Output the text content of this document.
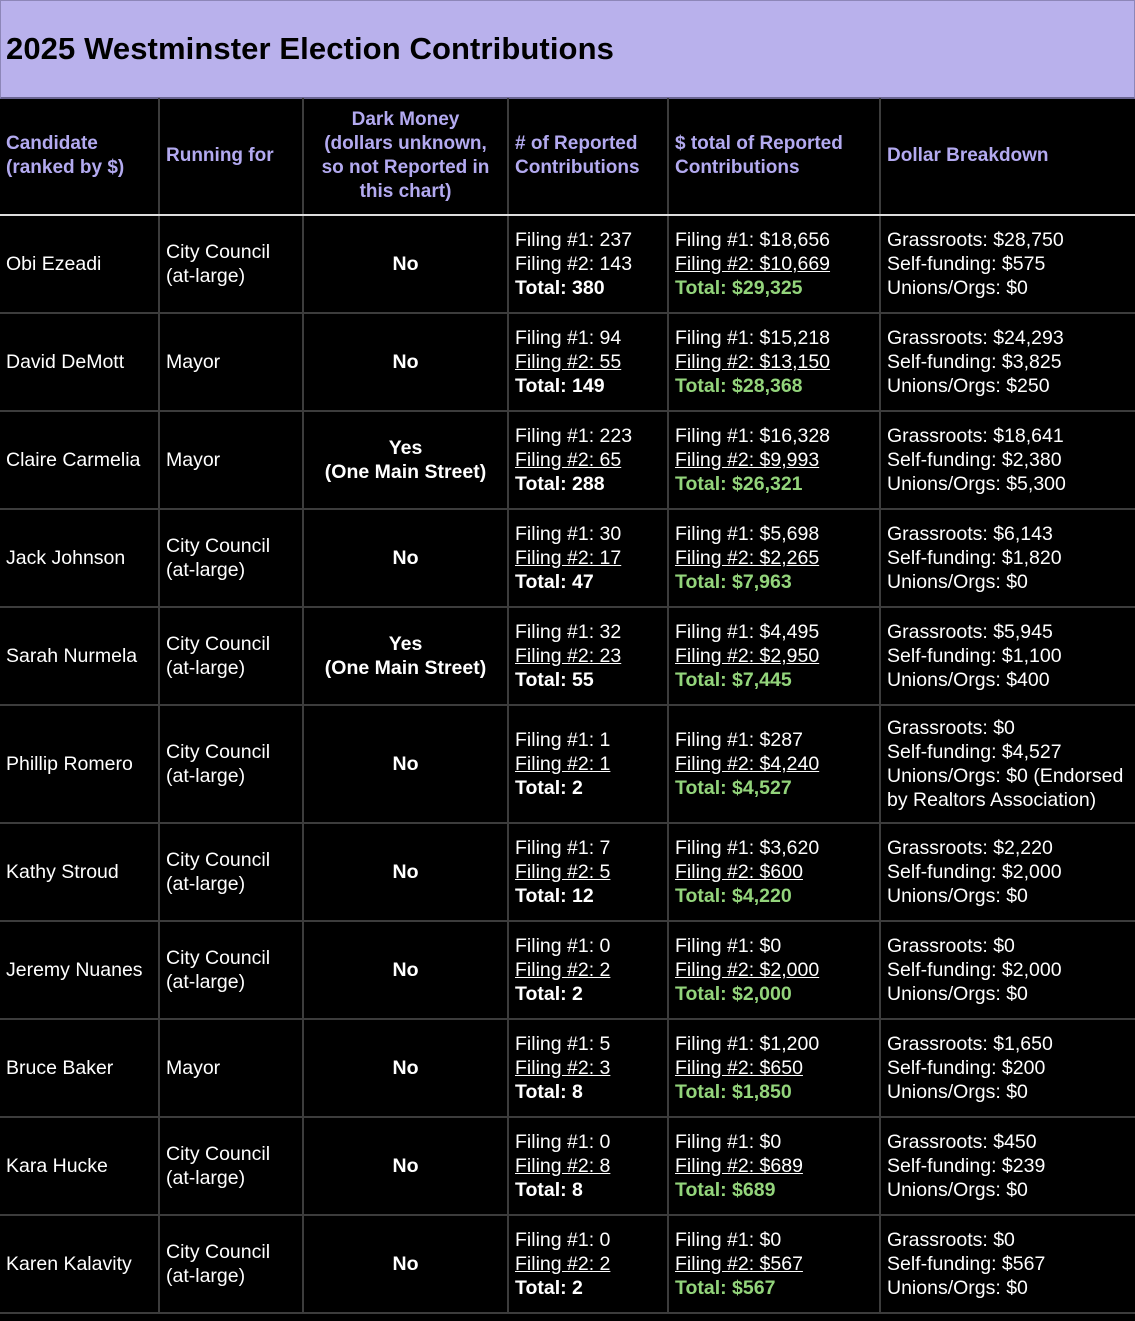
2025 Westminster Election Contributions
Candidate
(ranked by $)	Running for	Dark Money
(dollars unknown,
so not Reported in
this chart)	# of Reported
Contributions	$ total of Reported
Contributions	Dollar Breakdown

Obi Ezeadi	City Council
(at-large)	No	Filing #1: 237
Filing #2: 143
Total: 380	Filing #1: $18,656
Filing #2: $10,669
Total: $29,325	Grassroots: $28,750
Self-funding: $575
Unions/Orgs: $0

David DeMott	Mayor	No	Filing #1: 94
Filing #2: 55
Total: 149	Filing #1: $15,218
Filing #2: $13,150
Total: $28,368	Grassroots: $24,293
Self-funding: $3,825
Unions/Orgs: $250

Claire Carmelia	Mayor	Yes
(One Main Street)	Filing #1: 223
Filing #2: 65
Total: 288	Filing #1: $16,328
Filing #2: $9,993
Total: $26,321	Grassroots: $18,641
Self-funding: $2,380
Unions/Orgs: $5,300

Jack Johnson	City Council
(at-large)	No	Filing #1: 30
Filing #2: 17
Total: 47	Filing #1: $5,698
Filing #2: $2,265
Total: $7,963	Grassroots: $6,143
Self-funding: $1,820
Unions/Orgs: $0

Sarah Nurmela	City Council
(at-large)	Yes
(One Main Street)	Filing #1: 32
Filing #2: 23
Total: 55	Filing #1: $4,495
Filing #2: $2,950
Total: $7,445	Grassroots: $5,945
Self-funding: $1,100
Unions/Orgs: $400

Phillip Romero	City Council
(at-large)	No	Filing #1: 1
Filing #2: 1
Total: 2	Filing #1: $287
Filing #2: $4,240
Total: $4,527	Grassroots: $0
Self-funding: $4,527
Unions/Orgs: $0 (Endorsed
by Realtors Association)

Kathy Stroud	City Council
(at-large)	No	Filing #1: 7
Filing #2: 5
Total: 12	Filing #1: $3,620
Filing #2: $600
Total: $4,220	Grassroots: $2,220
Self-funding: $2,000
Unions/Orgs: $0

Jeremy Nuanes	City Council
(at-large)	No	Filing #1: 0
Filing #2: 2
Total: 2	Filing #1: $0
Filing #2: $2,000
Total: $2,000	Grassroots: $0
Self-funding: $2,000
Unions/Orgs: $0

Bruce Baker	Mayor	No	Filing #1: 5
Filing #2: 3
Total: 8	Filing #1: $1,200
Filing #2: $650
Total: $1,850	Grassroots: $1,650
Self-funding: $200
Unions/Orgs: $0

Kara Hucke	City Council
(at-large)	No	Filing #1: 0
Filing #2: 8
Total: 8	Filing #1: $0
Filing #2: $689
Total: $689	Grassroots: $450
Self-funding: $239
Unions/Orgs: $0

Karen Kalavity	City Council
(at-large)	No	Filing #1: 0
Filing #2: 2
Total: 2	Filing #1: $0
Filing #2: $567
Total: $567	Grassroots: $0
Self-funding: $567
Unions/Orgs: $0
